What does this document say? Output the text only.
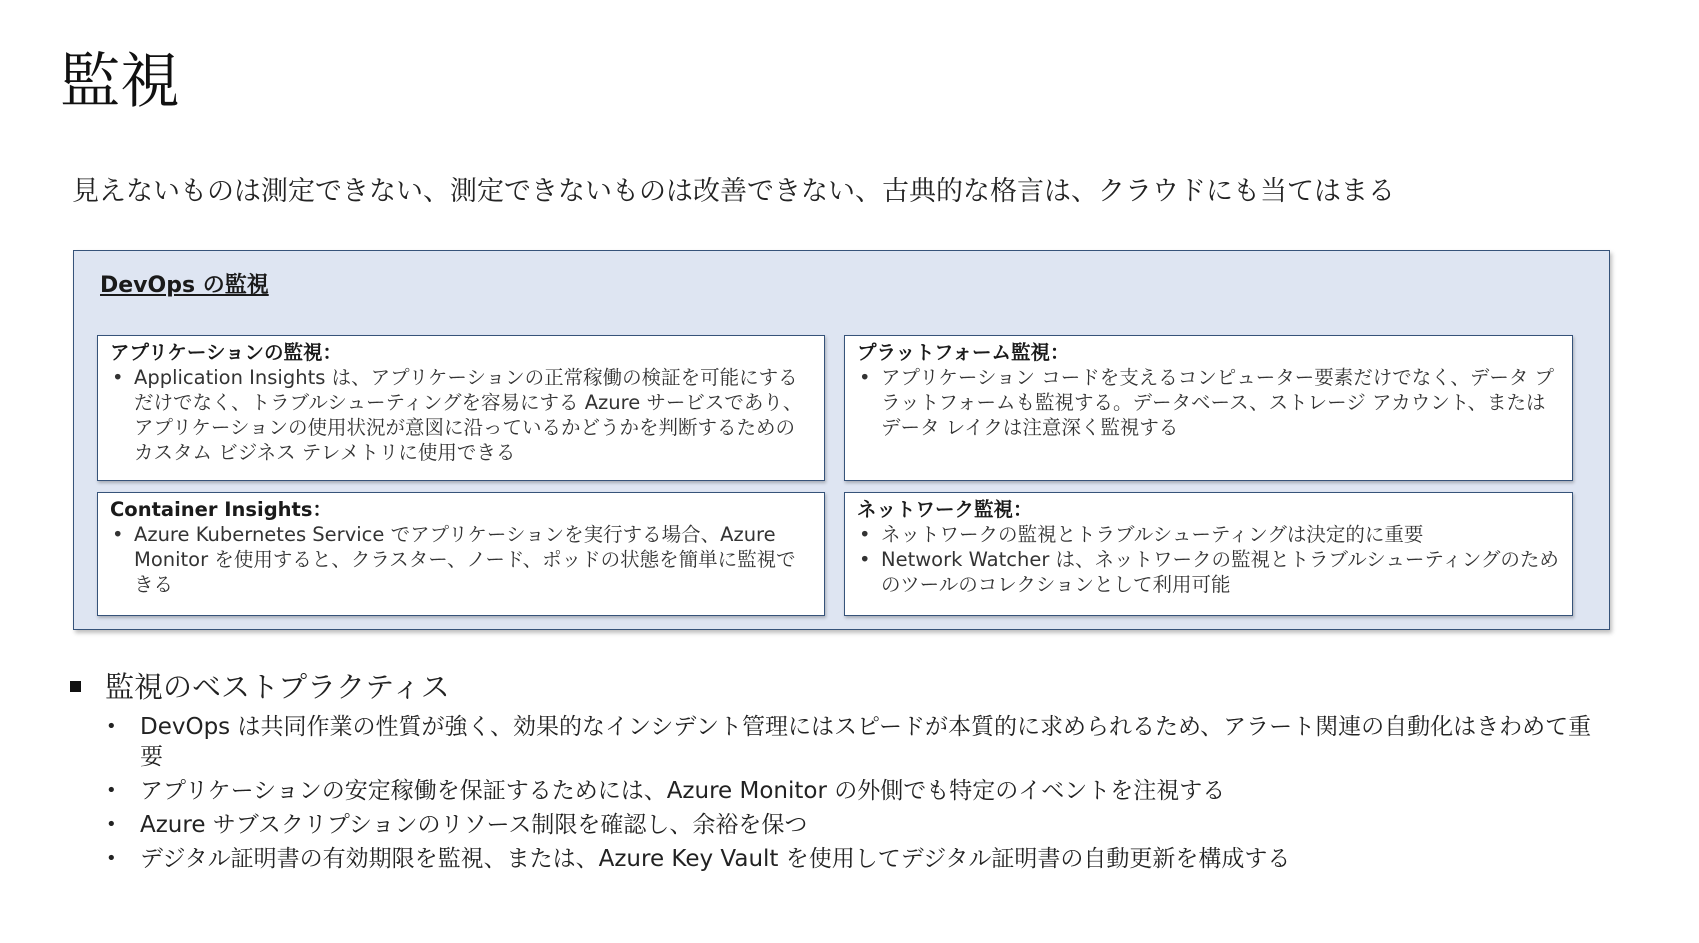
監視
見えないものは測定できない、測定できないものは改善できない、古典的な格言は、クラウドにも当てはまる
DevOps の監視
アプリケーションの監視：
• Application Insights は、アプリケーションの正常稼働の検証を可能にするだけでなく、トラブルシューティングを容易にする Azure サービスであり、アプリケーションの使用状況が意図に沿っているかどうかを判断するためのカスタム ビジネス テレメトリに使用できる
プラットフォーム監視：
• アプリケーション コードを支えるコンピューター要素だけでなく、データ プラットフォームも監視する。データベース、ストレージ アカウント、またはデータ レイクは注意深く監視する
Container Insights：
• Azure Kubernetes Service でアプリケーションを実行する場合、Azure Monitor を使用すると、クラスター、ノード、ポッドの状態を簡単に監視できる
ネットワーク監視：
• ネットワークの監視とトラブルシューティングは決定的に重要
• Network Watcher は、ネットワークの監視とトラブルシューティングのためのツールのコレクションとして利用可能
監視のベストプラクティス
• DevOps は共同作業の性質が強く、効果的なインシデント管理にはスピードが本質的に求められるため、アラート関連の自動化はきわめて重要
• アプリケーションの安定稼働を保証するためには、Azure Monitor の外側でも特定のイベントを注視する
• Azure サブスクリプションのリソース制限を確認し、余裕を保つ
• デジタル証明書の有効期限を監視、または、Azure Key Vault を使用してデジタル証明書の自動更新を構成する
